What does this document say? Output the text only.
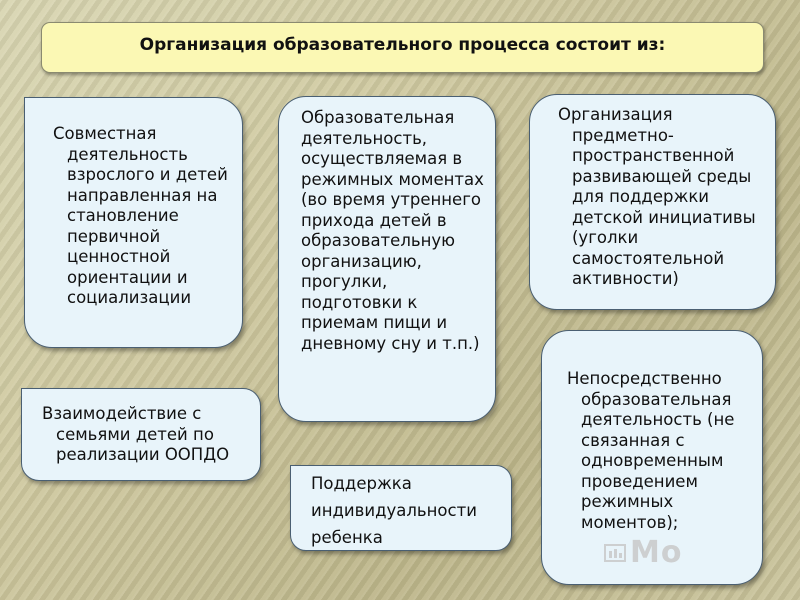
Организация образовательного процесса состоит из:
Совместная деятельность взрослого и детей направленная на становление первичной ценностной ориентации и социализации
Образовательная деятельность, осуществляемая в режимных моментах (во время утреннего прихода детей в образовательную организацию, прогулки, подготовки к приемам пищи и дневному сну и т.п.)
Организация предметно-пространственной развивающей среды для поддержки детской инициативы (уголки самостоятельной активности)
Взаимодействие с семьями детей по реализации ООПДО
Поддержка индивидуальности ребенка
Непосредственно образовательная деятельность (не связанная с одновременным проведением режимных моментов);
Mo
